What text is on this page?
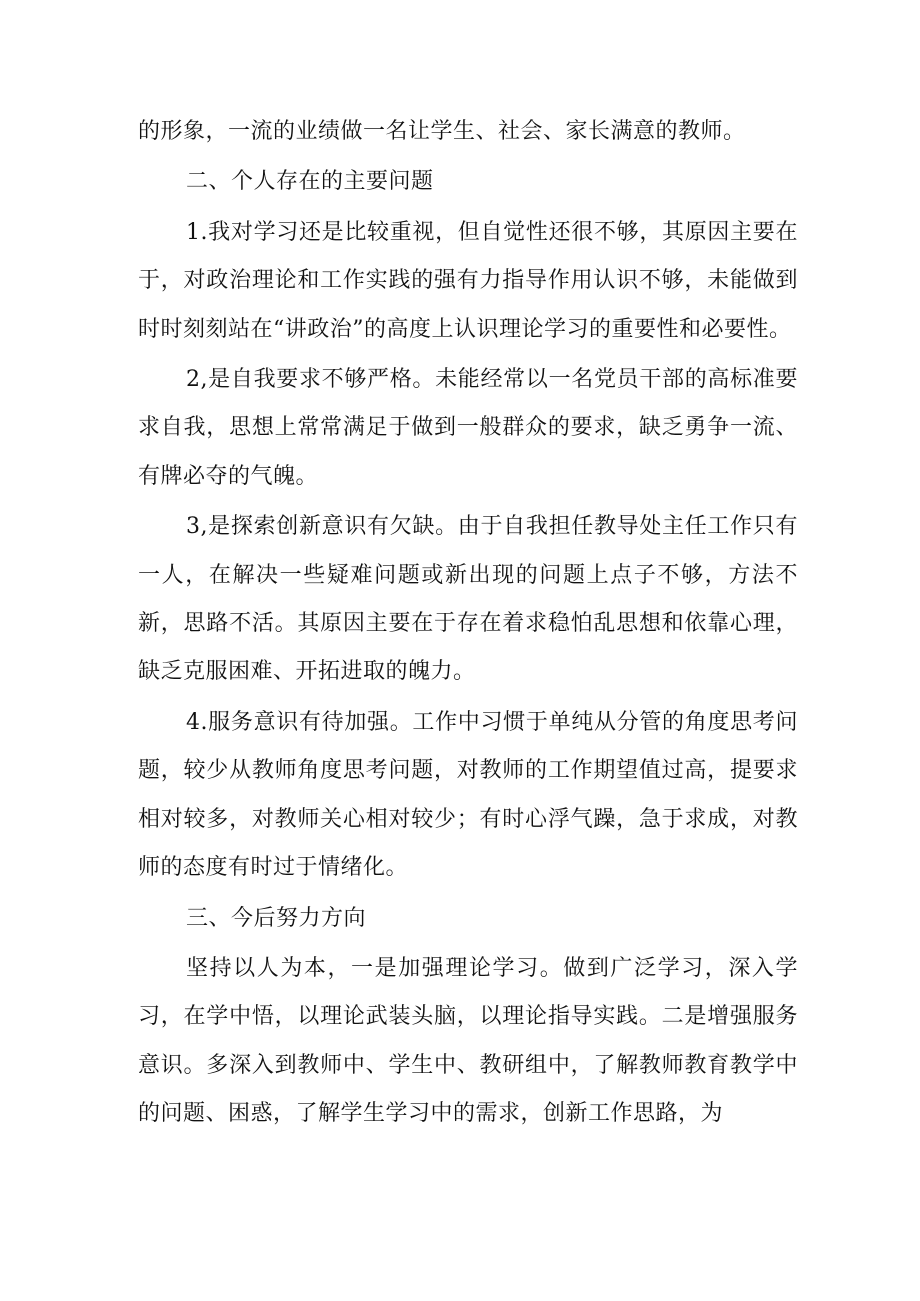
的形象，一流的业绩做一名让学生、社会、家长满意的教师。

二、个人存在的主要问题

1.我对学习还是比较重视，但自觉性还很不够，其原因主要在于，对政治理论和工作实践的强有力指导作用认识不够，未能做到时时刻刻站在“讲政治”的高度上认识理论学习的重要性和必要性。

2,是自我要求不够严格。未能经常以一名党员干部的高标准要求自我，思想上常常满足于做到一般群众的要求，缺乏勇争一流、有牌必夺的气魄。

3,是探索创新意识有欠缺。由于自我担任教导处主任工作只有一人，在解决一些疑难问题或新出现的问题上点子不够，方法不新，思路不活。其原因主要在于存在着求稳怕乱思想和依靠心理，缺乏克服困难、开拓进取的魄力。

4.服务意识有待加强。工作中习惯于单纯从分管的角度思考问题，较少从教师角度思考问题，对教师的工作期望值过高，提要求相对较多，对教师关心相对较少；有时心浮气躁，急于求成，对教师的态度有时过于情绪化。

三、今后努力方向

坚持以人为本，一是加强理论学习。做到广泛学习，深入学习，在学中悟，以理论武装头脑，以理论指导实践。二是增强服务意识。多深入到教师中、学生中、教研组中，了解教师教育教学中的问题、困惑，了解学生学习中的需求，创新工作思路，为
